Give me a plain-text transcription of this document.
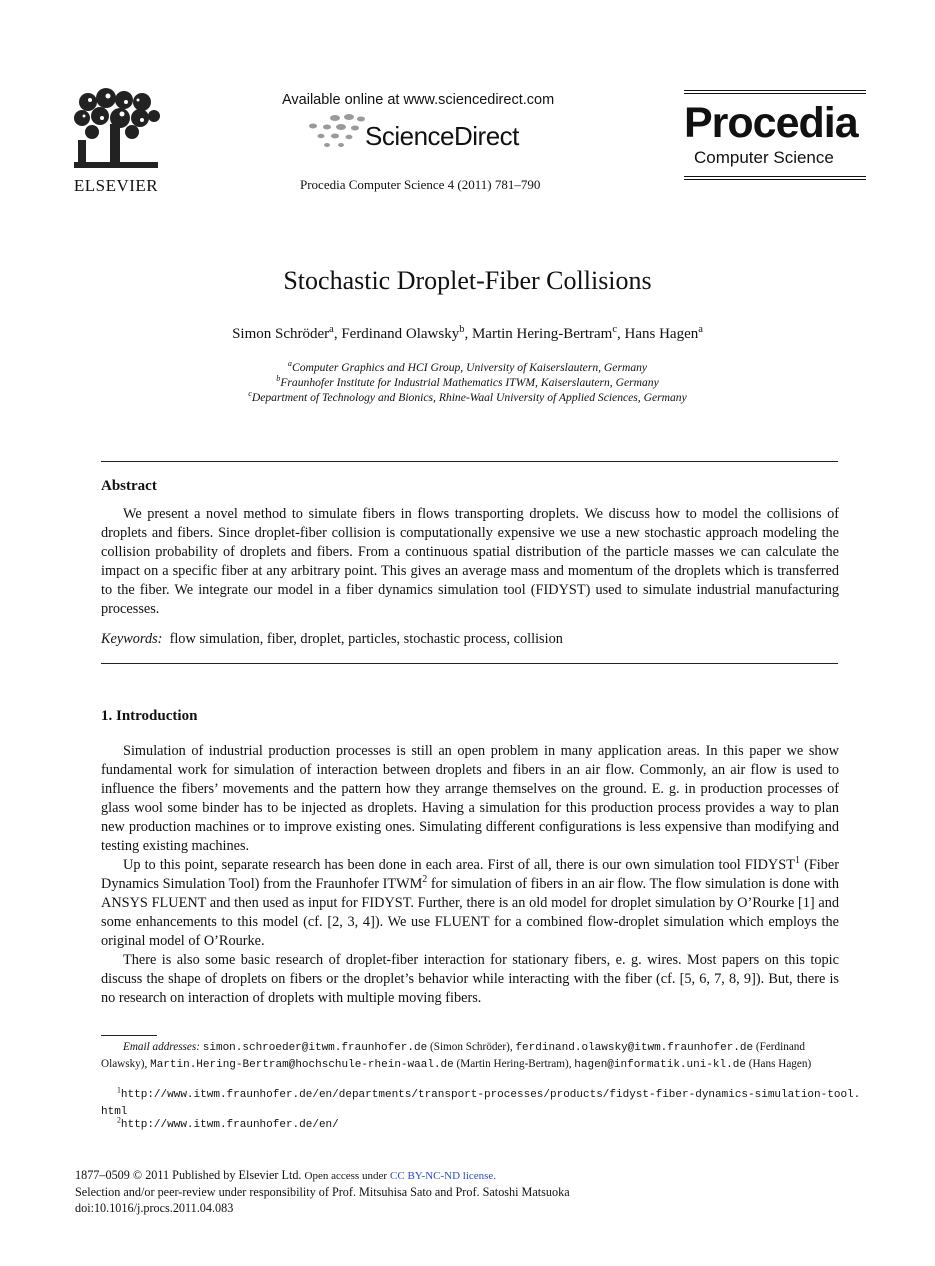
ELSEVIER
Available online at www.sciencedirect.com
ScienceDirect
Procedia Computer Science 4 (2011) 781–790
Procedia
Computer Science
Stochastic Droplet-Fiber Collisions
Simon Schröder$^a$, Ferdinand Olawsky$^b$, Martin Hering-Bertram$^c$, Hans Hagen$^a$
$^a$Computer Graphics and HCI Group, University of Kaiserslautern, Germany
$^b$Fraunhofer Institute for Industrial Mathematics ITWM, Kaiserslautern, Germany
$^c$Department of Technology and Bionics, Rhine-Waal University of Applied Sciences, Germany
Abstract
We present a novel method to simulate fibers in flows transporting droplets. We discuss how to model the collisions of droplets and fibers. Since droplet-fiber collision is computationally expensive we use a new stochastic approach modeling the collision probability of droplets and fibers. From a continuous spatial distribution of the particle masses we can calculate the impact on a specific fiber at any arbitrary point. This gives an average mass and momentum of the droplets which is transferred to the fiber. We integrate our model in a fiber dynamics simulation tool (FIDYST) used to simulate industrial manufacturing processes.
Keywords: flow simulation, fiber, droplet, particles, stochastic process, collision
1. Introduction
Simulation of industrial production processes is still an open problem in many application areas. In this paper we show fundamental work for simulation of interaction between droplets and fibers in an air flow. Commonly, an air flow is used to influence the fibers’ movements and the pattern how they arrange themselves on the ground. E. g. in production processes of glass wool some binder has to be injected as droplets. Having a simulation for this production process provides a way to plan new production machines or to improve existing ones. Simulating different configurations is less expensive than modifying and testing existing machines.
Up to this point, separate research has been done in each area. First of all, there is our own simulation tool FIDYST$^1$ (Fiber Dynamics Simulation Tool) from the Fraunhofer ITWM$^2$ for simulation of fibers in an air flow. The flow simulation is done with ANSYS FLUENT and then used as input for FIDYST. Further, there is an old model for droplet simulation by O’Rourke [1] and some enhancements to this model (cf. [2, 3, 4]). We use FLUENT for a combined flow-droplet simulation which employs the original model of O’Rourke.
There is also some basic research of droplet-fiber interaction for stationary fibers, e. g. wires. Most papers on this topic discuss the shape of droplets on fibers or the droplet’s behavior while interacting with the fiber (cf. [5, 6, 7, 8, 9]). But, there is no research on interaction of droplets with multiple moving fibers.
Email addresses: simon.schroeder@itwm.fraunhofer.de (Simon Schröder), ferdinand.olawsky@itwm.fraunhofer.de (Ferdinand Olawsky), Martin.Hering-Bertram@hochschule-rhein-waal.de (Martin Hering-Bertram), hagen@informatik.uni-kl.de (Hans Hagen)
$^1$http://www.itwm.fraunhofer.de/en/departments/transport-processes/products/fidyst-fiber-dynamics-simulation-tool.
html
$^2$http://www.itwm.fraunhofer.de/en/
1877–0509 © 2011 Published by Elsevier Ltd. Open access under CC BY-NC-ND license.
Selection and/or peer-review under responsibility of Prof. Mitsuhisa Sato and Prof. Satoshi Matsuoka
doi:10.1016/j.procs.2011.04.083
